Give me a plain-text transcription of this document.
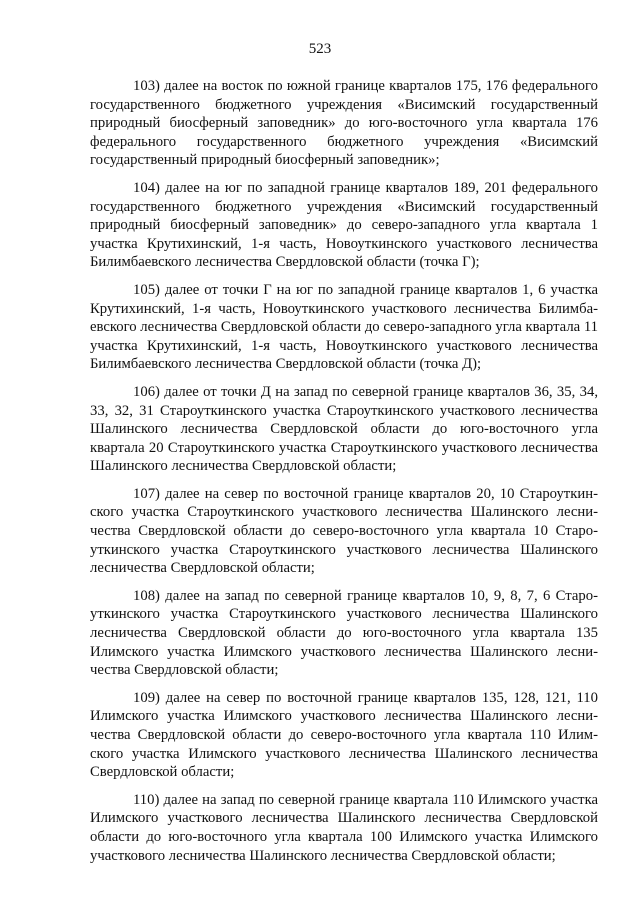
523

103) далее на восток по южной границе кварталов 175, 176 федерального государственного бюджетного учреждения «Висимский государственный природный биосферный заповедник» до юго-восточного угла квартала 176 федерального государственного бюджетного учреждения «Висимский государственный природный биосферный заповедник»;

104) далее на юг по западной границе кварталов 189, 201 федерального государственного бюджетного учреждения «Висимский государственный природный биосферный заповедник» до северо-западного угла квартала 1 участка Крутихинский, 1-я часть, Новоуткинского участкового лесничества Билимбаевского лесничества Свердловской области (точка Г);

105) далее от точки Г на юг по западной границе кварталов 1, 6 участка Крутихинский, 1-я часть, Новоуткинского участкового лесничества Билимбаевского лесничества Свердловской области до северо-западного угла квартала 11 участка Крутихинский, 1-я часть, Новоуткинского участкового лесничества Билимбаевского лесничества Свердловской области (точка Д);

106) далее от точки Д на запад по северной границе кварталов 36, 35, 34, 33, 32, 31 Староуткинского участка Староуткинского участкового лесничества Шалинского лесничества Свердловской области до юго-восточного угла квартала 20 Староуткинского участка Староуткинского участкового лесничества Шалинского лесничества Свердловской области;

107) далее на север по восточной границе кварталов 20, 10 Староуткинского участка Староуткинского участкового лесничества Шалинского лесничества Свердловской области до северо-восточного угла квартала 10 Староуткинского участка Староуткинского участкового лесничества Шалинского лесничества Свердловской области;

108) далее на запад по северной границе кварталов 10, 9, 8, 7, 6 Староуткинского участка Староуткинского участкового лесничества Шалинского лесничества Свердловской области до юго-восточного угла квартала 135 Илимского участка Илимского участкового лесничества Шалинского лесничества Свердловской области;

109) далее на север по восточной границе кварталов 135, 128, 121, 110 Илимского участка Илимского участкового лесничества Шалинского лесничества Свердловской области до северо-восточного угла квартала 110 Илимского участка Илимского участкового лесничества Шалинского лесничества Свердловской области;

110) далее на запад по северной границе квартала 110 Илимского участка Илимского участкового лесничества Шалинского лесничества Свердловской области до юго-восточного угла квартала 100 Илимского участка Илимского участкового лесничества Шалинского лесничества Свердловской области;
